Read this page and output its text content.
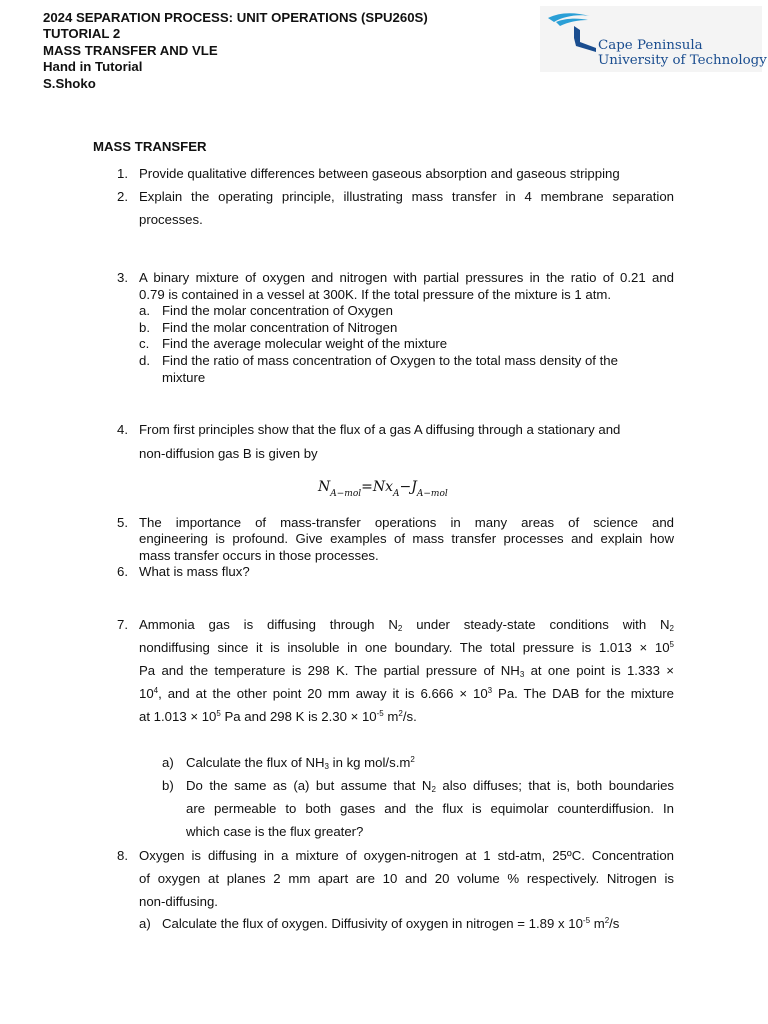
2024 SEPARATION PROCESS: UNIT OPERATIONS (SPU260S)
TUTORIAL 2
MASS TRANSFER AND VLE
Hand in Tutorial
S.Shoko
Cape Peninsula
University of Technology
MASS TRANSFER
1. Provide qualitative differences between gaseous absorption and gaseous stripping
2. Explain the operating principle, illustrating mass transfer in 4 membrane separation
processes.
3. A binary mixture of oxygen and nitrogen with partial pressures in the ratio of 0.21 and
0.79 is contained in a vessel at 300K. If the total pressure of the mixture is 1 atm.
a. Find the molar concentration of Oxygen
b. Find the molar concentration of Nitrogen
c. Find the average molecular weight of the mixture
d. Find the ratio of mass concentration of Oxygen to the total mass density of the
mixture
4. From first principles show that the flux of a gas A diffusing through a stationary and
non-diffusion gas B is given by
$N_{A-mol}=Nx_A-J_{A-mol}$
5. The importance of mass-transfer operations in many areas of science and
engineering is profound. Give examples of mass transfer processes and explain how
mass transfer occurs in those processes.
6. What is mass flux?
7. Ammonia gas is diffusing through $N_2$ under steady-state conditions with $N_2$
nondiffusing since it is insoluble in one boundary. The total pressure is $1.013 \times 10^5$
Pa and the temperature is 298 K. The partial pressure of $NH_3$ at one point is 1.333 ×
$10^4$, and at the other point 20 mm away it is $6.666 \times 10^3$ Pa. The DAB for the mixture
at $1.013 \times 10^5$ Pa and 298 K is $2.30 \times 10^{-5}$ $m^2/s$.
a) Calculate the flux of $NH_3$ in kg mol/$s.m^2$
b) Do the same as (a) but assume that $N_2$ also diffuses; that is, both boundaries
are permeable to both gases and the flux is equimolar counterdiffusion. In
which case is the flux greater?
8. Oxygen is diffusing in a mixture of oxygen-nitrogen at 1 std-atm, 25ºC. Concentration
of oxygen at planes 2 mm apart are 10 and 20 volume % respectively. Nitrogen is
non-diffusing.
a) Calculate the flux of oxygen. Diffusivity of oxygen in nitrogen = 1.89 x $10^{-5}$ $m^2/s$
